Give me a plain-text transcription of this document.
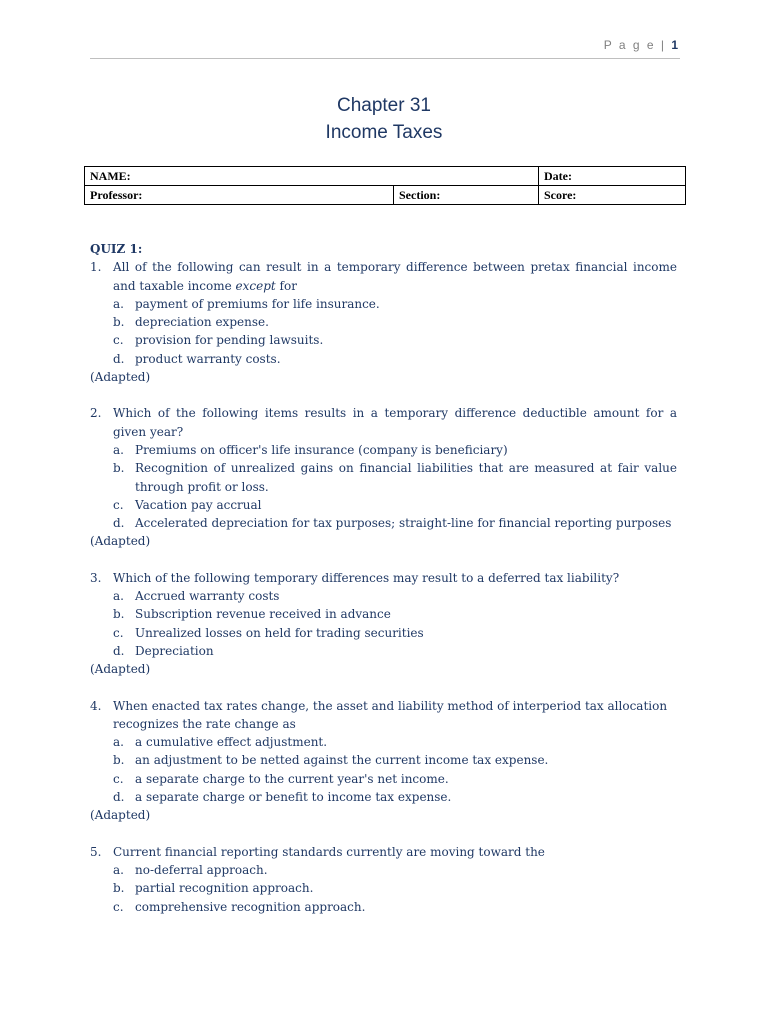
P a g e | 1
Chapter 31
Income Taxes
NAME:		Date:
Professor:	Section:	Score:
QUIZ 1:
1. All of the following can result in a temporary difference between pretax financial income and taxable income except for
a. payment of premiums for life insurance.
b. depreciation expense.
c. provision for pending lawsuits.
d. product warranty costs.
(Adapted)
2. Which of the following items results in a temporary difference deductible amount for a given year?
a. Premiums on officer's life insurance (company is beneficiary)
b. Recognition of unrealized gains on financial liabilities that are measured at fair value through profit or loss.
c. Vacation pay accrual
d. Accelerated depreciation for tax purposes; straight-line for financial reporting purposes
(Adapted)
3. Which of the following temporary differences may result to a deferred tax liability?
a. Accrued warranty costs
b. Subscription revenue received in advance
c. Unrealized losses on held for trading securities
d. Depreciation
(Adapted)
4. When enacted tax rates change, the asset and liability method of interperiod tax allocation recognizes the rate change as
a. a cumulative effect adjustment.
b. an adjustment to be netted against the current income tax expense.
c. a separate charge to the current year's net income.
d. a separate charge or benefit to income tax expense.
(Adapted)
5. Current financial reporting standards currently are moving toward the
a. no-deferral approach.
b. partial recognition approach.
c. comprehensive recognition approach.
